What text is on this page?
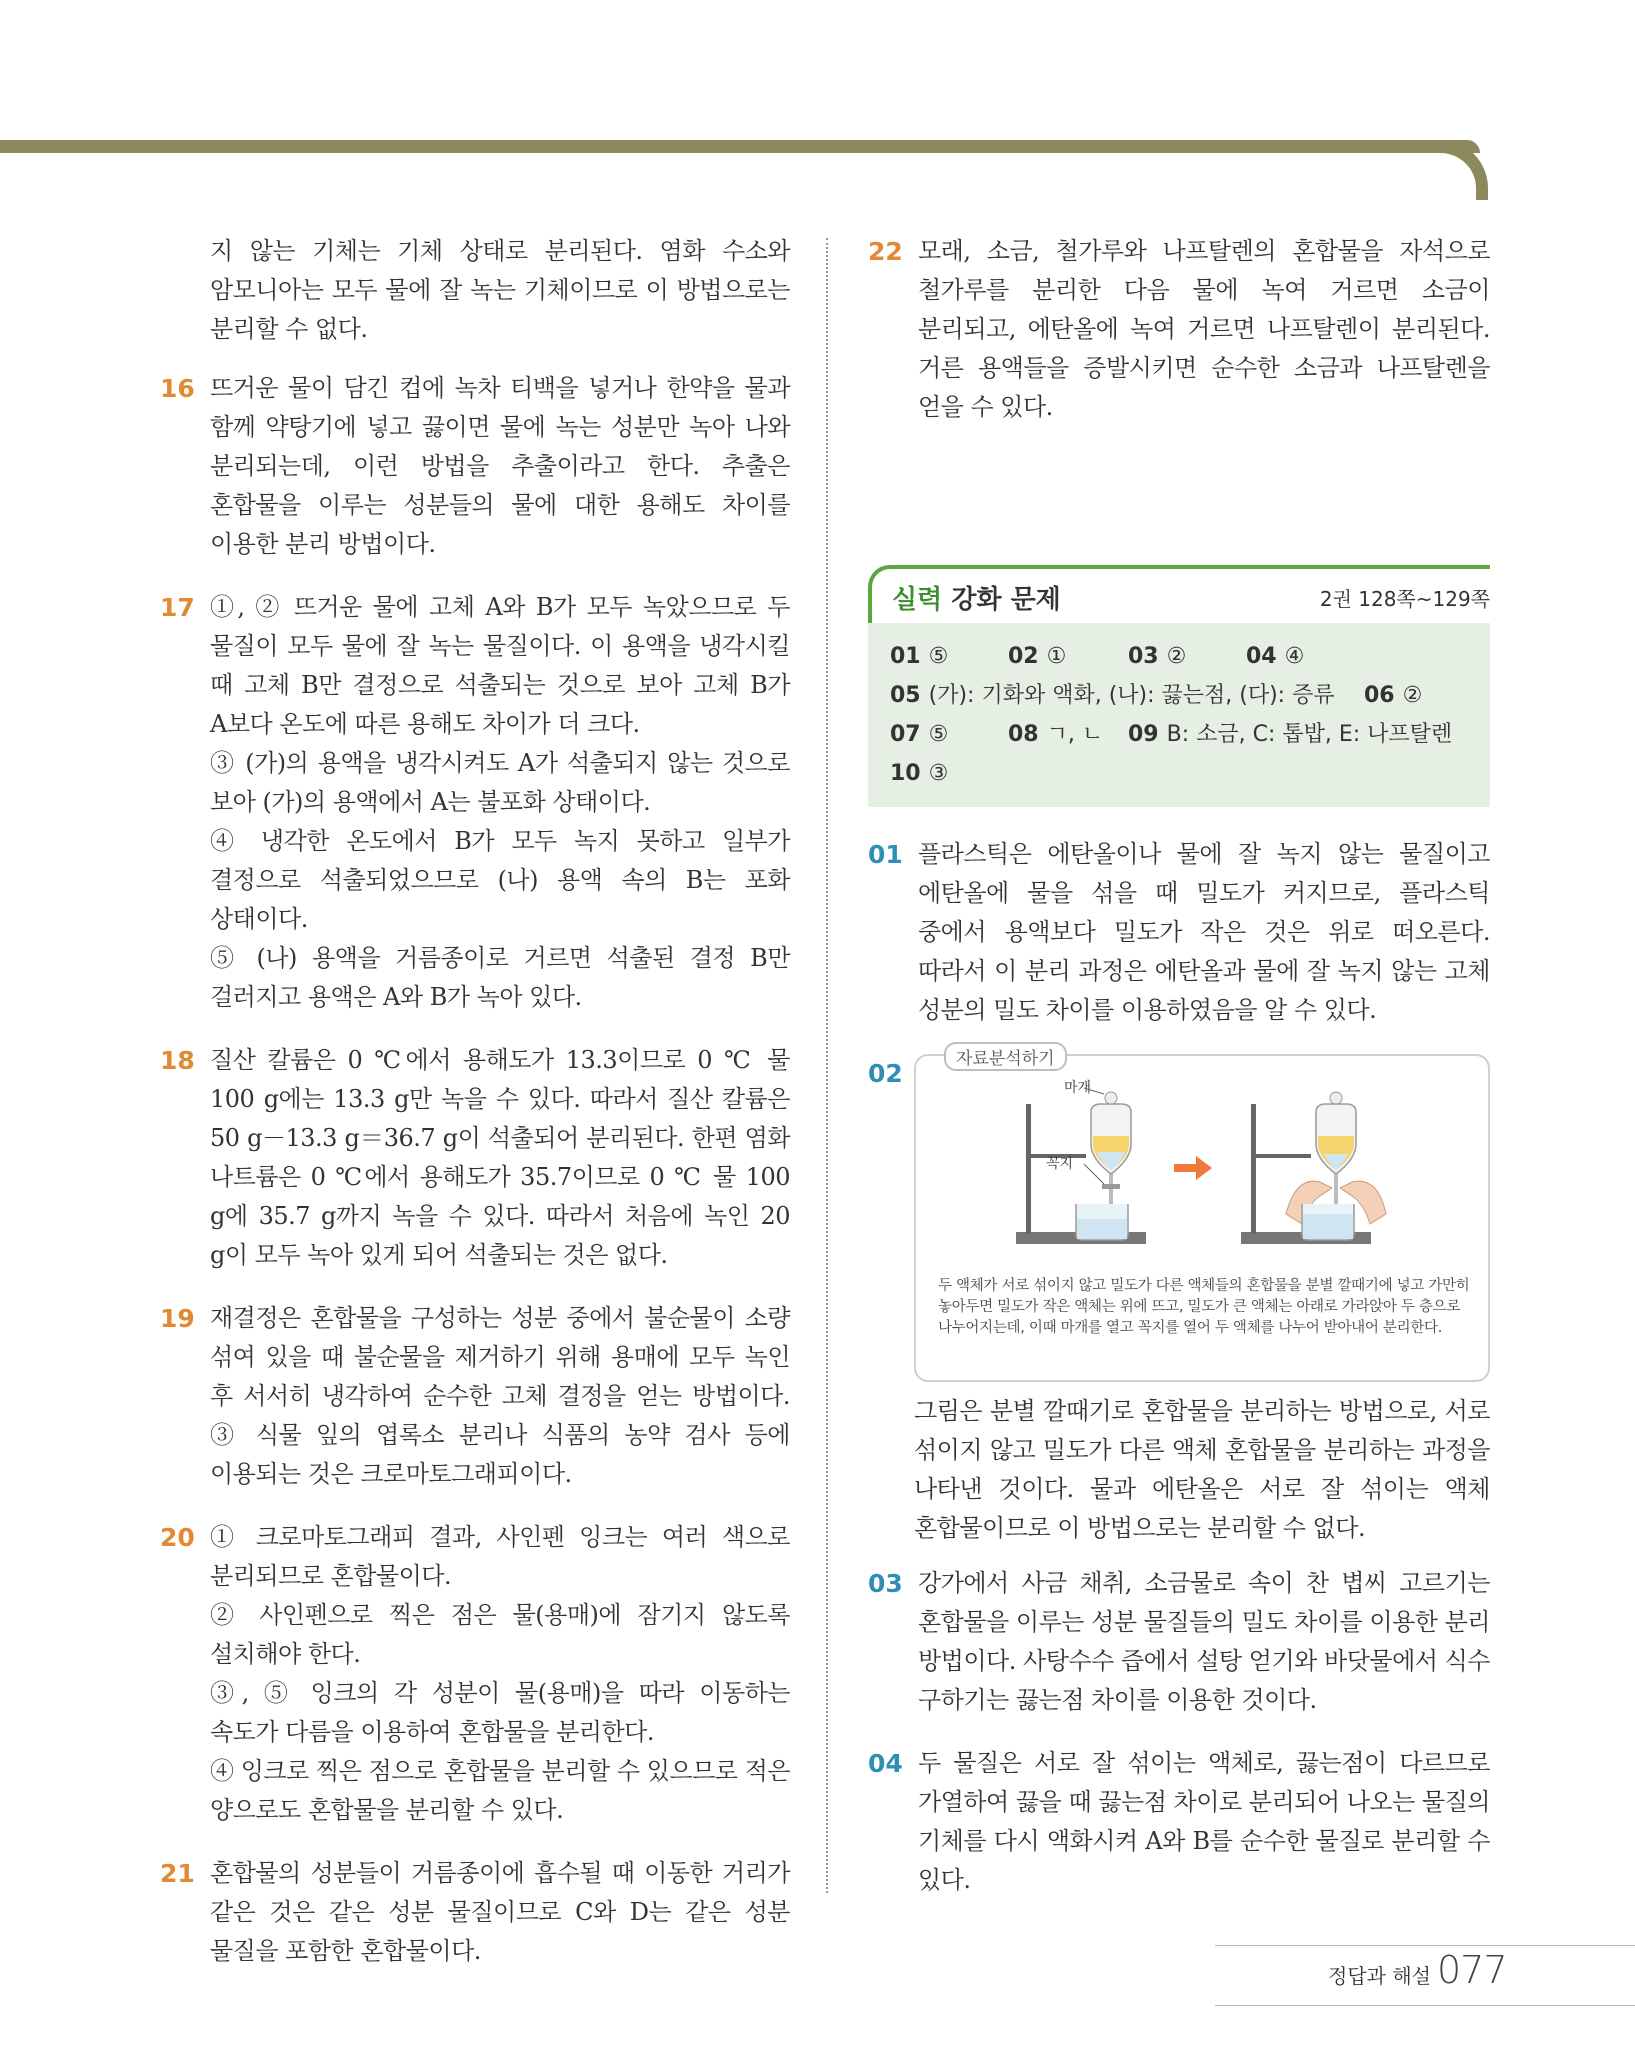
지 않는 기체는 기체 상태로 분리된다. 염화 수소와 암모니아는 모두 물에 잘 녹는 기체이므로 이 방법으로는 분리할 수 없다.

16 뜨거운 물이 담긴 컵에 녹차 티백을 넣거나 한약을 물과 함께 약탕기에 넣고 끓이면 물에 녹는 성분만 녹아 나와 분리되는데, 이런 방법을 추출이라고 한다. 추출은 혼합물을 이루는 성분들의 물에 대한 용해도 차이를 이용한 분리 방법이다.

17 ①, ② 뜨거운 물에 고체 A와 B가 모두 녹았으므로 두 물질이 모두 물에 잘 녹는 물질이다. 이 용액을 냉각시킬 때 고체 B만 결정으로 석출되는 것으로 보아 고체 B가 A보다 온도에 따른 용해도 차이가 더 크다.

③ (가)의 용액을 냉각시켜도 A가 석출되지 않는 것으로 보아 (가)의 용액에서 A는 불포화 상태이다.

④ 냉각한 온도에서 B가 모두 녹지 못하고 일부가 결정으로 석출되었으므로 (나) 용액 속의 B는 포화 상태이다.

⑤ (나) 용액을 거름종이로 거르면 석출된 결정 B만 걸러지고 용액은 A와 B가 녹아 있다.

18 질산 칼륨은 0 ℃에서 용해도가 13.3이므로 0 ℃ 물 100 g에는 13.3 g만 녹을 수 있다. 따라서 질산 칼륨은 50 g－13.3 g＝36.7 g이 석출되어 분리된다. 한편 염화 나트륨은 0 ℃에서 용해도가 35.7이므로 0 ℃ 물 100 g에 35.7 g까지 녹을 수 있다. 따라서 처음에 녹인 20 g이 모두 녹아 있게 되어 석출되는 것은 없다.

19 재결정은 혼합물을 구성하는 성분 중에서 불순물이 소량 섞여 있을 때 불순물을 제거하기 위해 용매에 모두 녹인 후 서서히 냉각하여 순수한 고체 결정을 얻는 방법이다. ③ 식물 잎의 엽록소 분리나 식품의 농약 검사 등에 이용되는 것은 크로마토그래피이다.

20 ① 크로마토그래피 결과, 사인펜 잉크는 여러 색으로 분리되므로 혼합물이다.

② 사인펜으로 찍은 점은 물(용매)에 잠기지 않도록 설치해야 한다.

③, ⑤ 잉크의 각 성분이 물(용매)을 따라 이동하는 속도가 다름을 이용하여 혼합물을 분리한다.

④ 잉크로 찍은 점으로 혼합물을 분리할 수 있으므로 적은 양으로도 혼합물을 분리할 수 있다.

21 혼합물의 성분들이 거름종이에 흡수될 때 이동한 거리가 같은 것은 같은 성분 물질이므로 C와 D는 같은 성분 물질을 포함한 혼합물이다.

22 모래, 소금, 철가루와 나프탈렌의 혼합물을 자석으로 철가루를 분리한 다음 물에 녹여 거르면 소금이 분리되고, 에탄올에 녹여 거르면 나프탈렌이 분리된다. 거른 용액들을 증발시키면 순수한 소금과 나프탈렌을 얻을 수 있다.

실력 강화 문제	2권 128쪽~129쪽
01 ⑤	02 ①	03 ②	04 ④
05 (가): 기화와 액화, (나): 끓는점, (다): 증류 06 ②
07 ⑤	08 ㄱ, ㄴ 09 B: 소금, C: 톱밥, E: 나프탈렌
10 ③
01 플라스틱은 에탄올이나 물에 잘 녹지 않는 물질이고 에탄올에 물을 섞을 때 밀도가 커지므로, 플라스틱 중에서 용액보다 밀도가 작은 것은 위로 떠오른다. 따라서 이 분리 과정은 에탄올과 물에 잘 녹지 않는 고체 성분의 밀도 차이를 이용하였음을 알 수 있다.

02	자료분석하기
마개
꼭지
두 액체가 서로 섞이지 않고 밀도가 다른 액체들의 혼합물을 분별 깔때기에 넣고 가만히 놓아두면 밀도가 작은 액체는 위에 뜨고, 밀도가 큰 액체는 아래로 가라앉아 두 층으로 나누어지는데, 이때 마개를 열고 꼭지를 열어 두 액체를 나누어 받아내어 분리한다.

그림은 분별 깔때기로 혼합물을 분리하는 방법으로, 서로 섞이지 않고 밀도가 다른 액체 혼합물을 분리하는 과정을 나타낸 것이다. 물과 에탄올은 서로 잘 섞이는 액체 혼합물이므로 이 방법으로는 분리할 수 없다.

03 강가에서 사금 채취, 소금물로 속이 찬 볍씨 고르기는 혼합물을 이루는 성분 물질들의 밀도 차이를 이용한 분리 방법이다. 사탕수수 즙에서 설탕 얻기와 바닷물에서 식수 구하기는 끓는점 차이를 이용한 것이다.

04 두 물질은 서로 잘 섞이는 액체로, 끓는점이 다르므로 가열하여 끓을 때 끓는점 차이로 분리되어 나오는 물질의 기체를 다시 액화시켜 A와 B를 순수한 물질로 분리할 수 있다.

정답과 해설 077
